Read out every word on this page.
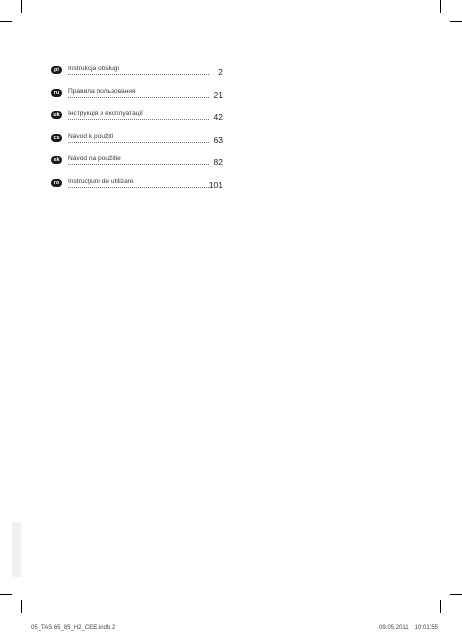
pl	Instrukcja obsługi	2
ru	Правила пользования	21
uk	Інструкція з експлуатації	42
cs	Návod k použití	63
sk	Návod na použitie	82
ro	Instrucţiuni de utilizare	101
05_TAS 65_85_H2_CEE.indb 2	09.05.2011 10:01:55
